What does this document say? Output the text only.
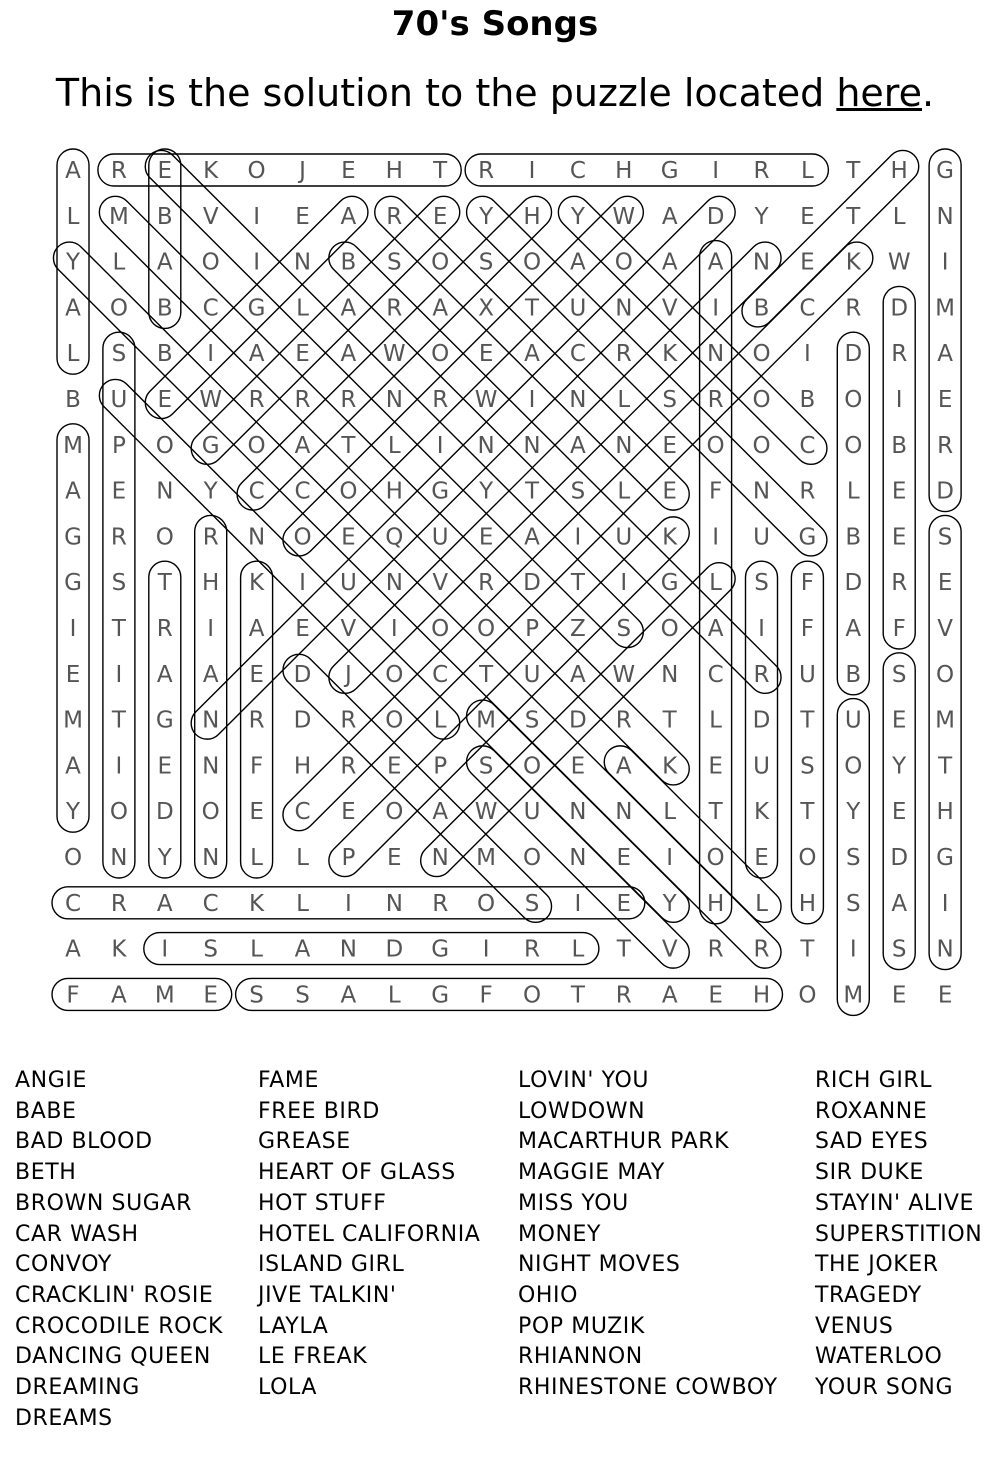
70's Songs
This is the solution to the puzzle located here.
A R E K O J E H T R I C H G I R L T H G
L M B V I E A R E Y H Y W A D Y E T L N
Y L A O I N B S O S O A O A A N E K W I
A O B C G L A R A X T U N V I B C R D M
L S B I A E A W O E A C R K N O I D R A
B U E W R R R N R W I N L S R O B O I E
M P O G O A T L I N N A N E O O C O B R
A E N Y C C O H G Y T S L E F N R L E D
G R O R N O E Q U E A I U K I U G B E S
G S T H K I U N V R D T I G L S F D R E
I T R I A E V I O O P Z S O A I F A F V
E I A A E D J O C T U A W N C R U B S O
M T G N R D R O L M S D R T L D T U E M
A I E N F H R E P S O E A K E U S O Y T
Y O D O E C E O A W U N N L T K T Y E H
O N Y N L L P E N M O N E I O E O S D G
C R A C K L I N R O S I E Y H L H S A I
A K I S L A N D G I R L T V R R T I S N
F A M E S S A L G F O T R A E H O M E E
ANGIE
BABE
BAD BLOOD
BETH
BROWN SUGAR
CAR WASH
CONVOY
CRACKLIN' ROSIE
CROCODILE ROCK
DANCING QUEEN
DREAMING
DREAMS
FAME
FREE BIRD
GREASE
HEART OF GLASS
HOT STUFF
HOTEL CALIFORNIA
ISLAND GIRL
JIVE TALKIN'
LAYLA
LE FREAK
LOLA
LOVIN' YOU
LOWDOWN
MACARTHUR PARK
MAGGIE MAY
MISS YOU
MONEY
NIGHT MOVES
OHIO
POP MUZIK
RHIANNON
RHINESTONE COWBOY
RICH GIRL
ROXANNE
SAD EYES
SIR DUKE
STAYIN' ALIVE
SUPERSTITION
THE JOKER
TRAGEDY
VENUS
WATERLOO
YOUR SONG
